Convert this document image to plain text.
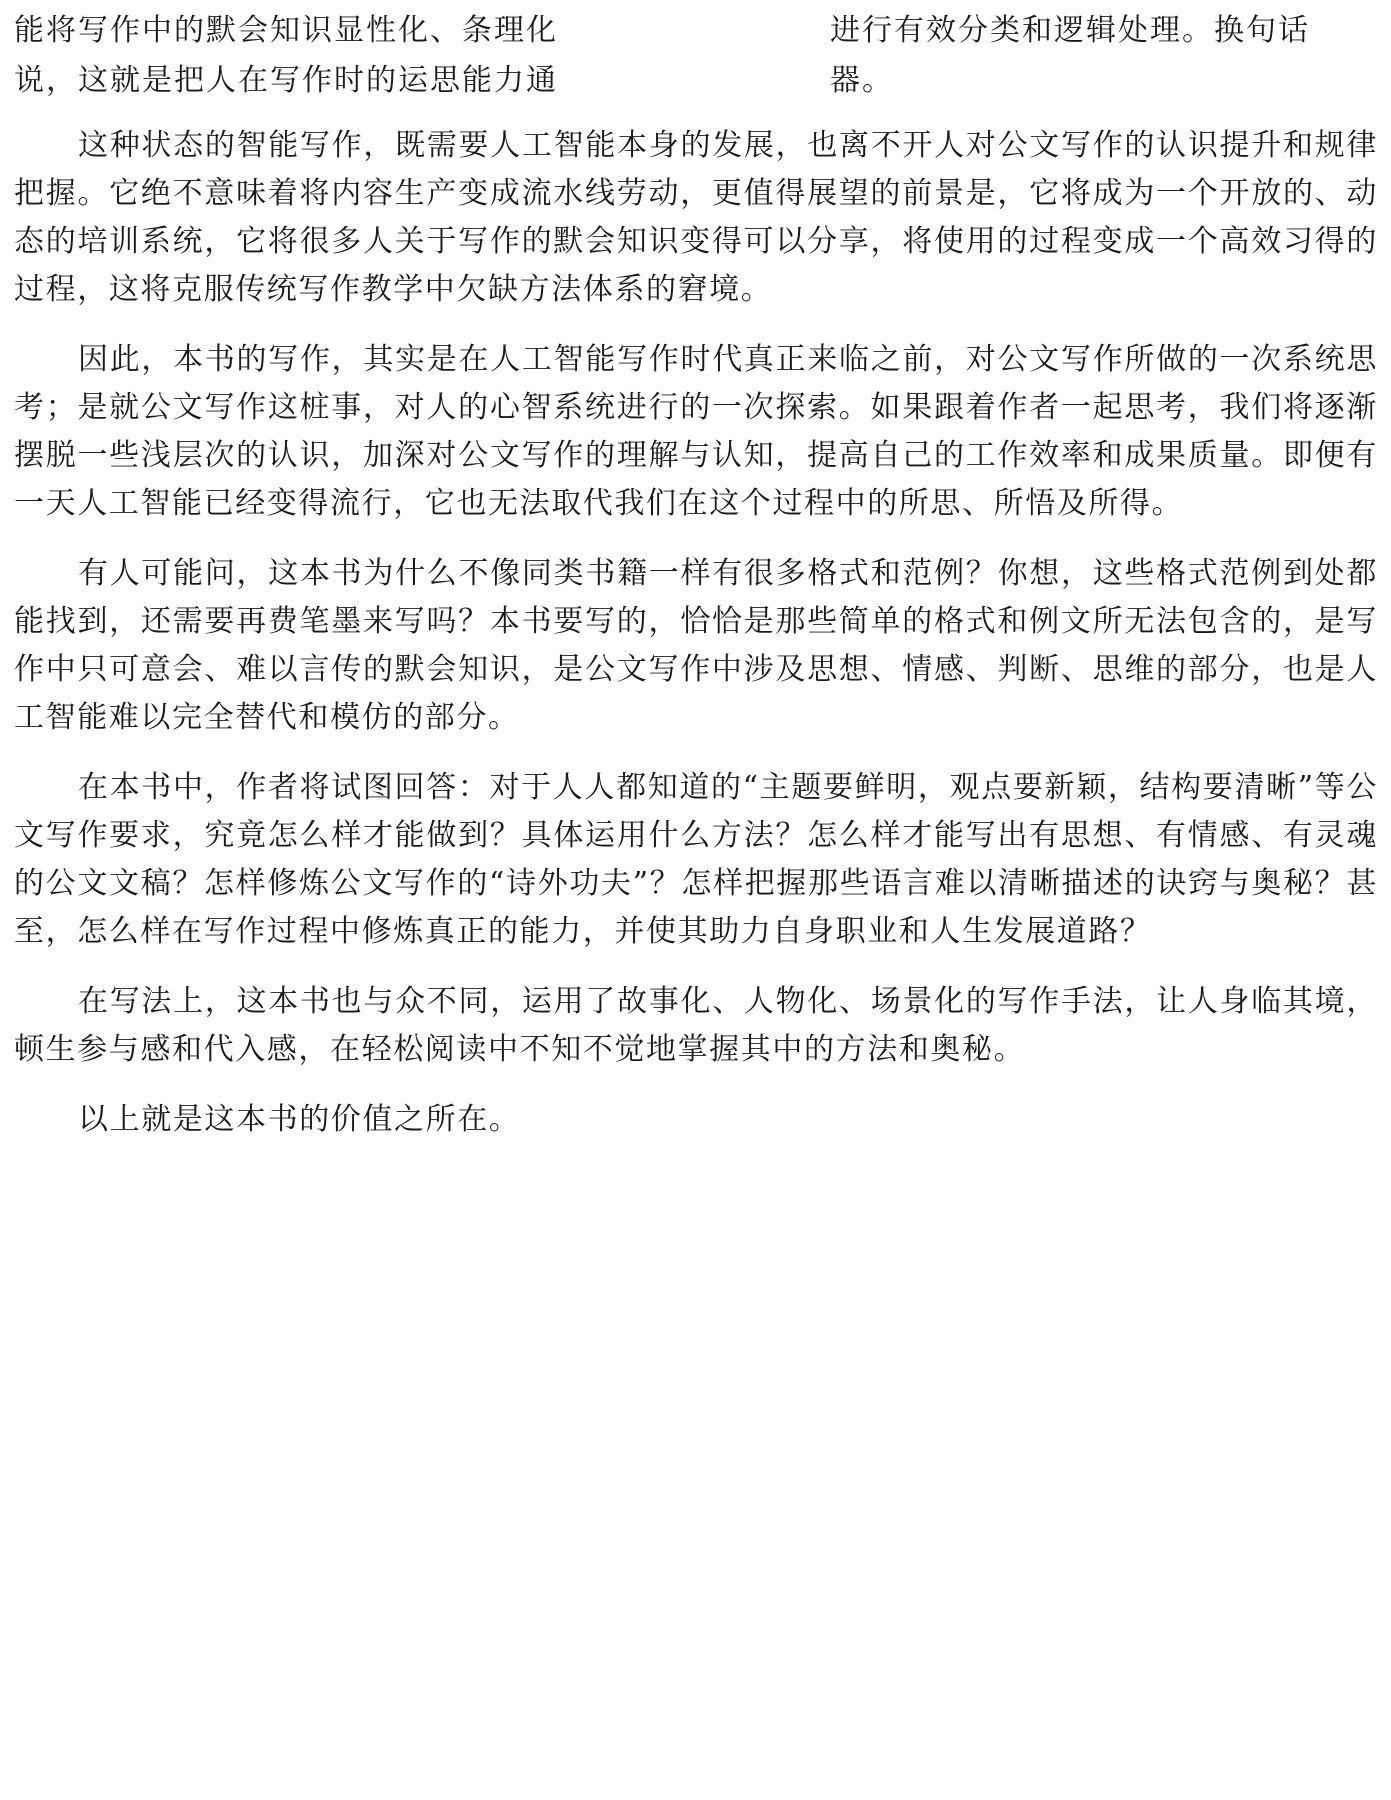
能将写作中的默会知识显性化、条理化
说，这就是把人在写作时的运思能力通
进行有效分类和逻辑处理。换句话
器。

这种状态的智能写作，既需要人工智能本身的发展，也离不开人对公文写作的认识提升和规律把握。它绝不意味着将内容生产变成流水线劳动，更值得展望的前景是，它将成为一个开放的、动态的培训系统，它将很多人关于写作的默会知识变得可以分享，将使用的过程变成一个高效习得的过程，这将克服传统写作教学中欠缺方法体系的窘境。

因此，本书的写作，其实是在人工智能写作时代真正来临之前，对公文写作所做的一次系统思考；是就公文写作这桩事，对人的心智系统进行的一次探索。如果跟着作者一起思考，我们将逐渐摆脱一些浅层次的认识，加深对公文写作的理解与认知，提高自己的工作效率和成果质量。即便有一天人工智能已经变得流行，它也无法取代我们在这个过程中的所思、所悟及所得。

有人可能问，这本书为什么不像同类书籍一样有很多格式和范例？你想，这些格式范例到处都能找到，还需要再费笔墨来写吗？本书要写的，恰恰是那些简单的格式和例文所无法包含的，是写作中只可意会、难以言传的默会知识，是公文写作中涉及思想、情感、判断、思维的部分，也是人工智能难以完全替代和模仿的部分。

在本书中，作者将试图回答：对于人人都知道的“主题要鲜明，观点要新颖，结构要清晰”等公文写作要求，究竟怎么样才能做到？具体运用什么方法？怎么样才能写出有思想、有情感、有灵魂的公文文稿？怎样修炼公文写作的“诗外功夫”？怎样把握那些语言难以清晰描述的诀窍与奥秘？甚至，怎么样在写作过程中修炼真正的能力，并使其助力自身职业和人生发展道路？

在写法上，这本书也与众不同，运用了故事化、人物化、场景化的写作手法，让人身临其境，顿生参与感和代入感，在轻松阅读中不知不觉地掌握其中的方法和奥秘。

以上就是这本书的价值之所在。
